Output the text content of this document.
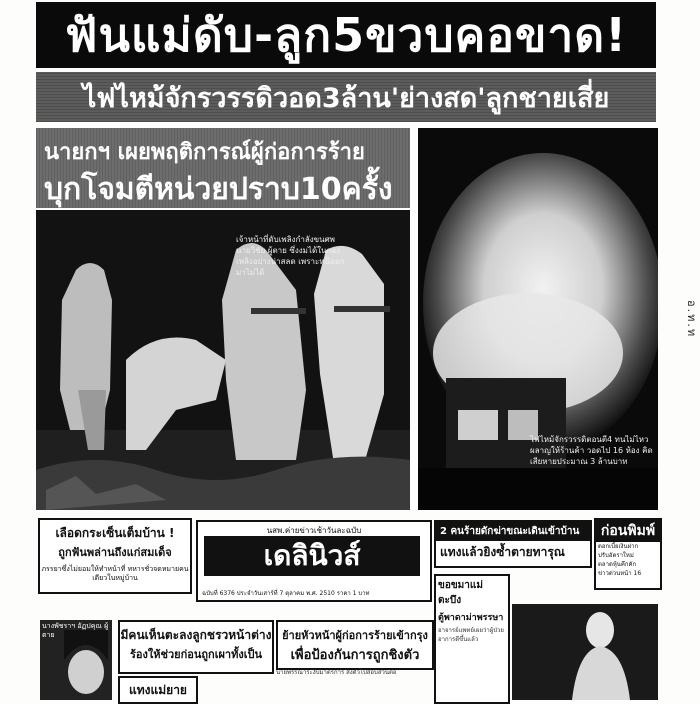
ฟันแม่ดับ-ลูก5ขวบคอขาด!
ไฟไหม้จักรวรรดิวอด3ล้าน'ย่างสด'ลูกชายเสี่ย
นายกฯ เผยพฤติการณ์ผู้ก่อการร้าย
บุกโจมตีหน่วยปราบ10ครั้ง
เจ้าหน้าที่ดับเพลิงกำลังขนศพนายวิชัย ผู้ตาย ซึ่งงมได้ในกองเพลิงอย่างน่าสลด เพราะหนีออกมาไม่ได้
ไฟไหม้จักรวรรดิตอนตี4 ทนไม่ไหวผลาญให้ร้านค้า วอดไป 16 ห้อง คิดเสียหายประมาณ 3 ล้านบาท
อ.ท.ท
เลือดกระเซ็นเต็มบ้าน !
ถูกฟันพล่านถึงแก่สมเด็จ
ภรรยาซึ่งไม่ยอมให้ทำหน้าที่ ทหารชั่วจดหมายคนเดียวในหมู่บ้าน
นสพ.ค่ายข่าวเช้าวันละฉบับ
เดลินิวส์
ฉบับที่ 6376 ประจำวันเสาร์ที่ 7 ตุลาคม พ.ศ. 2510 ราคา 1 บาท
2 คนร้ายดักฆ่าขณะเดินเข้าบ้าน
แทงแล้วยิงซ้ำตายทารุณ
ก่อนพิมพ์
ดอกเบี้ยเงินฝาก
ปรับอัตราใหม่
ตลาดหุ้นคึกคัก
ข่าวด่วนหน้า 16
ขอขมาแม่ตะบึง
ตู้พาดาม่าพรรษา
อาจารย์แพทย์เผยว่าผู้ป่วยอาการดีขึ้นแล้ว
นางพัชราฯ อัฏปคุณ ผู้ตาย	มีคนเห็นตะลงลูกชรวหน้าต่าง
ร้องให้ช่วยก่อนถูกเผาทั้งเป็น
แทงแม่ยาย
ย้ายหัวหน้าผู้ก่อการร้ายเข้ากรุง
เพื่อป้องกันการถูกชิงตัว
นายพรรณาระงับมาตรการ ส่งตัวไปสอบสวนต่อ
